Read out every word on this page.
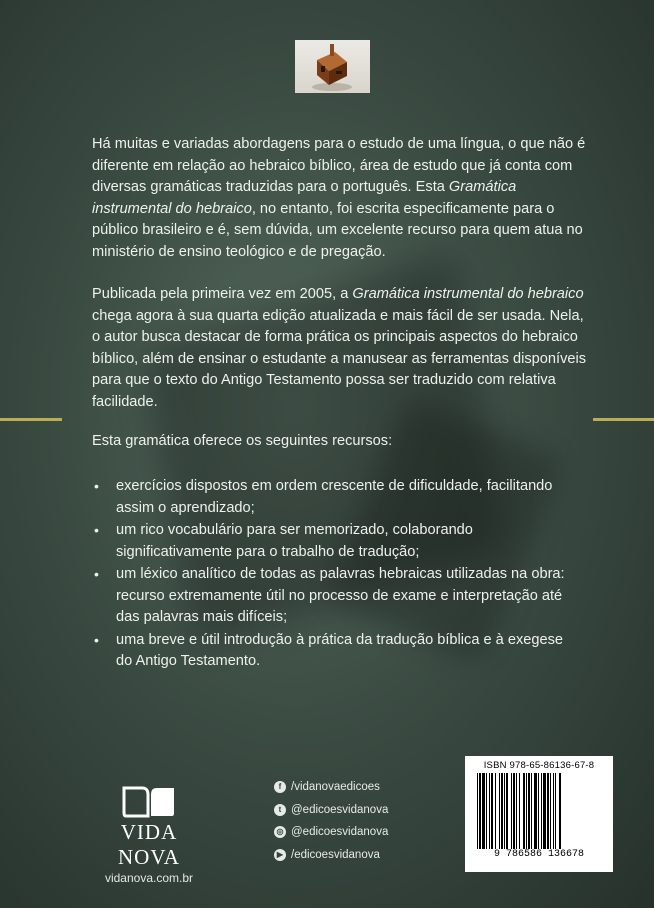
Há muitas e variadas abordagens para o estudo de uma língua, o que não é diferente em relação ao hebraico bíblico, área de estudo que já conta com diversas gramáticas traduzidas para o português. Esta Gramática instrumental do hebraico, no entanto, foi escrita especificamente para o público brasileiro e é, sem dúvida, um excelente recurso para quem atua no ministério de ensino teológico e de pregação.

Publicada pela primeira vez em 2005, a Gramática instrumental do hebraico chega agora à sua quarta edição atualizada e mais fácil de ser usada. Nela, o autor busca destacar de forma prática os principais aspectos do hebraico bíblico, além de ensinar o estudante a manusear as ferramentas disponíveis para que o texto do Antigo Testamento possa ser traduzido com relativa facilidade.

Esta gramática oferece os seguintes recursos:

• exercícios dispostos em ordem crescente de dificuldade, facilitando assim o aprendizado;
• um rico vocabulário para ser memorizado, colaborando significativamente para o trabalho de tradução;
• um léxico analítico de todas as palavras hebraicas utilizadas na obra: recurso extremamente útil no processo de exame e interpretação até das palavras mais difíceis;
• uma breve e útil introdução à prática da tradução bíblica e à exegese do Antigo Testamento.
VIDA NOVA
vidanova.com.br
f /vidanovaedicoes
t @edicoesvidanova
◎ @edicoesvidanova
▶ /edicoesvidanova
ISBN 978-65-86136-67-8
9 786586 136678
